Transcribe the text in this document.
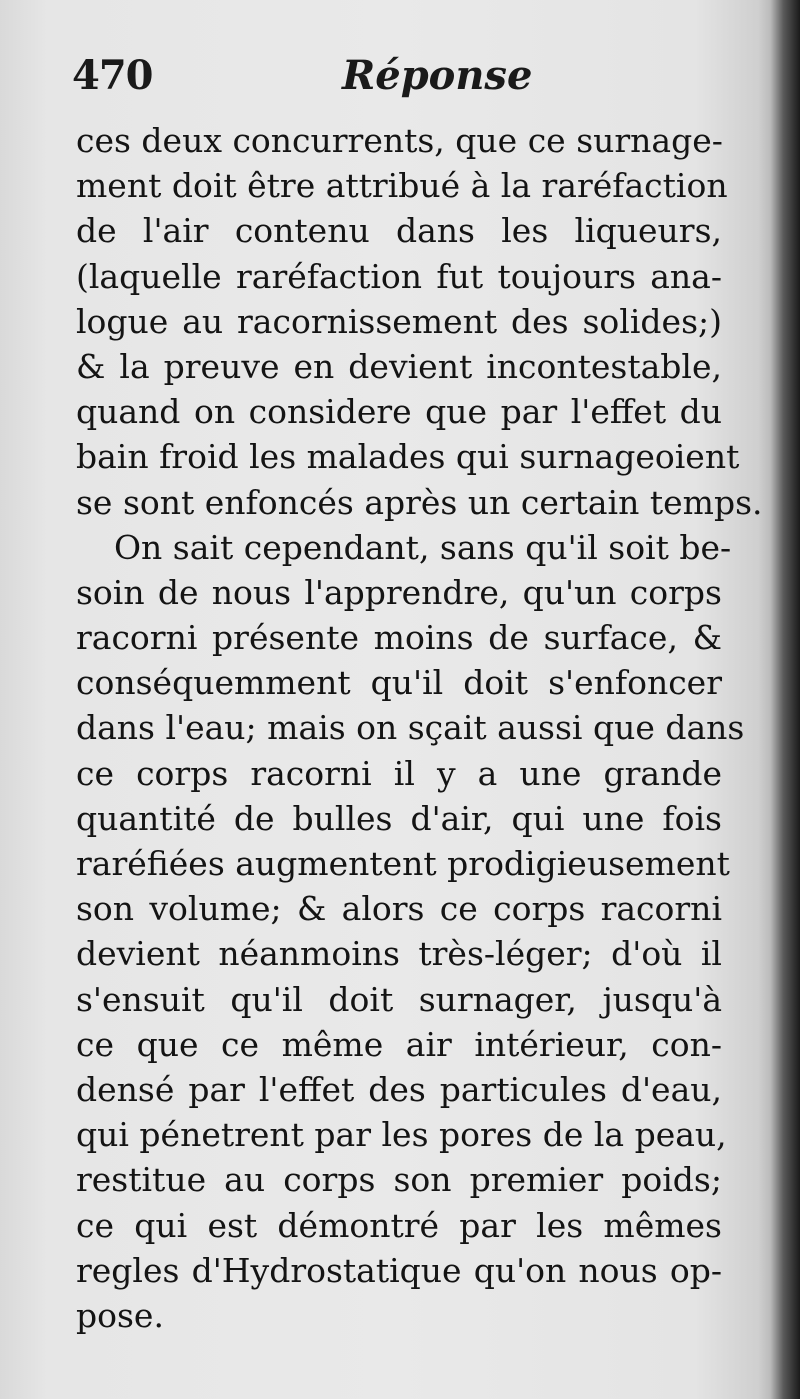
470	Réponse
ces deux concurrents, que ce surnage-
ment doit être attribué à la raréfaction
de l'air contenu dans les liqueurs,
(laquelle raréfaction fut toujours ana-
logue au racornissement des solides;)
& la preuve en devient incontestable,
quand on considere que par l'effet du
bain froid les malades qui surnageoient
se sont enfoncés après un certain temps.
On sait cependant, sans qu'il soit be-
soin de nous l'apprendre, qu'un corps
racorni présente moins de surface, &
conséquemment qu'il doit s'enfoncer
dans l'eau; mais on sçait aussi que dans
ce corps racorni il y a une grande
quantité de bulles d'air, qui une fois
raréfiées augmentent prodigieusement
son volume; & alors ce corps racorni
devient néanmoins très-léger; d'où il
s'ensuit qu'il doit surnager, jusqu'à
ce que ce même air intérieur, con-
densé par l'effet des particules d'eau,
qui pénetrent par les pores de la peau,
restitue au corps son premier poids;
ce qui est démontré par les mêmes
regles d'Hydrostatique qu'on nous op-
pose.
